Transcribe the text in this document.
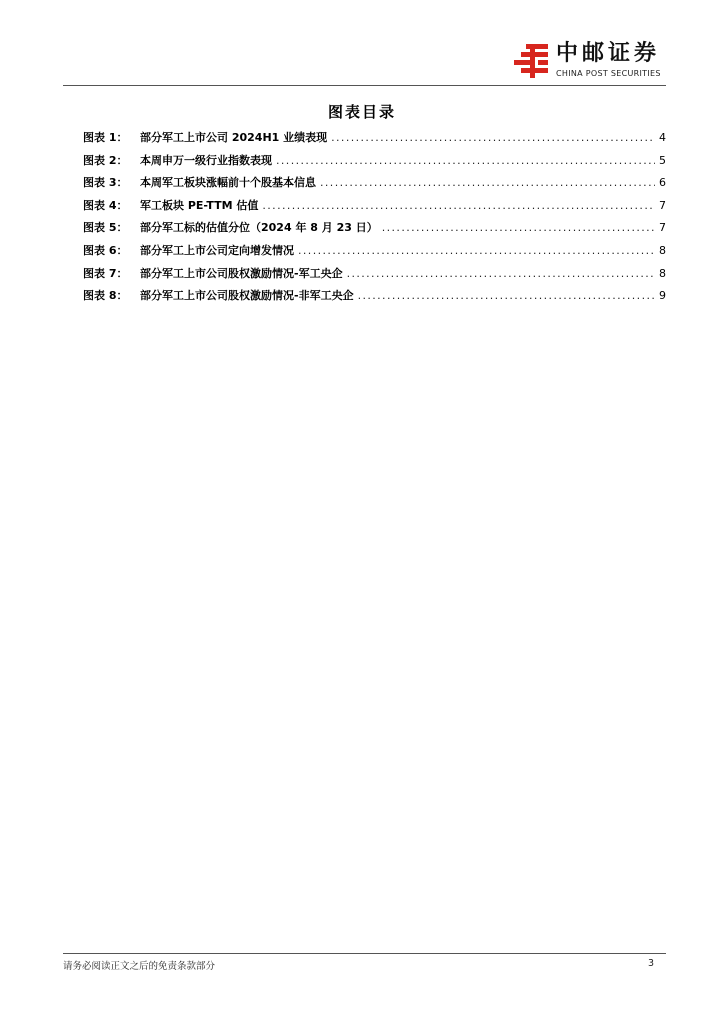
中邮证券
CHINA POST SECURITIES
图表目录
图表 1：	部分军工上市公司 2024H1 业绩表现 .....	4
图表 2：	本周申万一级行业指数表现 .....	5
图表 3：	本周军工板块涨幅前十个股基本信息 .....	6
图表 4：	军工板块 PE-TTM 估值 .....	7
图表 5：	部分军工标的估值分位（2024 年 8 月 23 日） .....	7
图表 6：	部分军工上市公司定向增发情况 .....	8
图表 7：	部分军工上市公司股权激励情况-军工央企 .....	8
图表 8：	部分军工上市公司股权激励情况-非军工央企 .....	9
请务必阅读正文之后的免责条款部分	3
